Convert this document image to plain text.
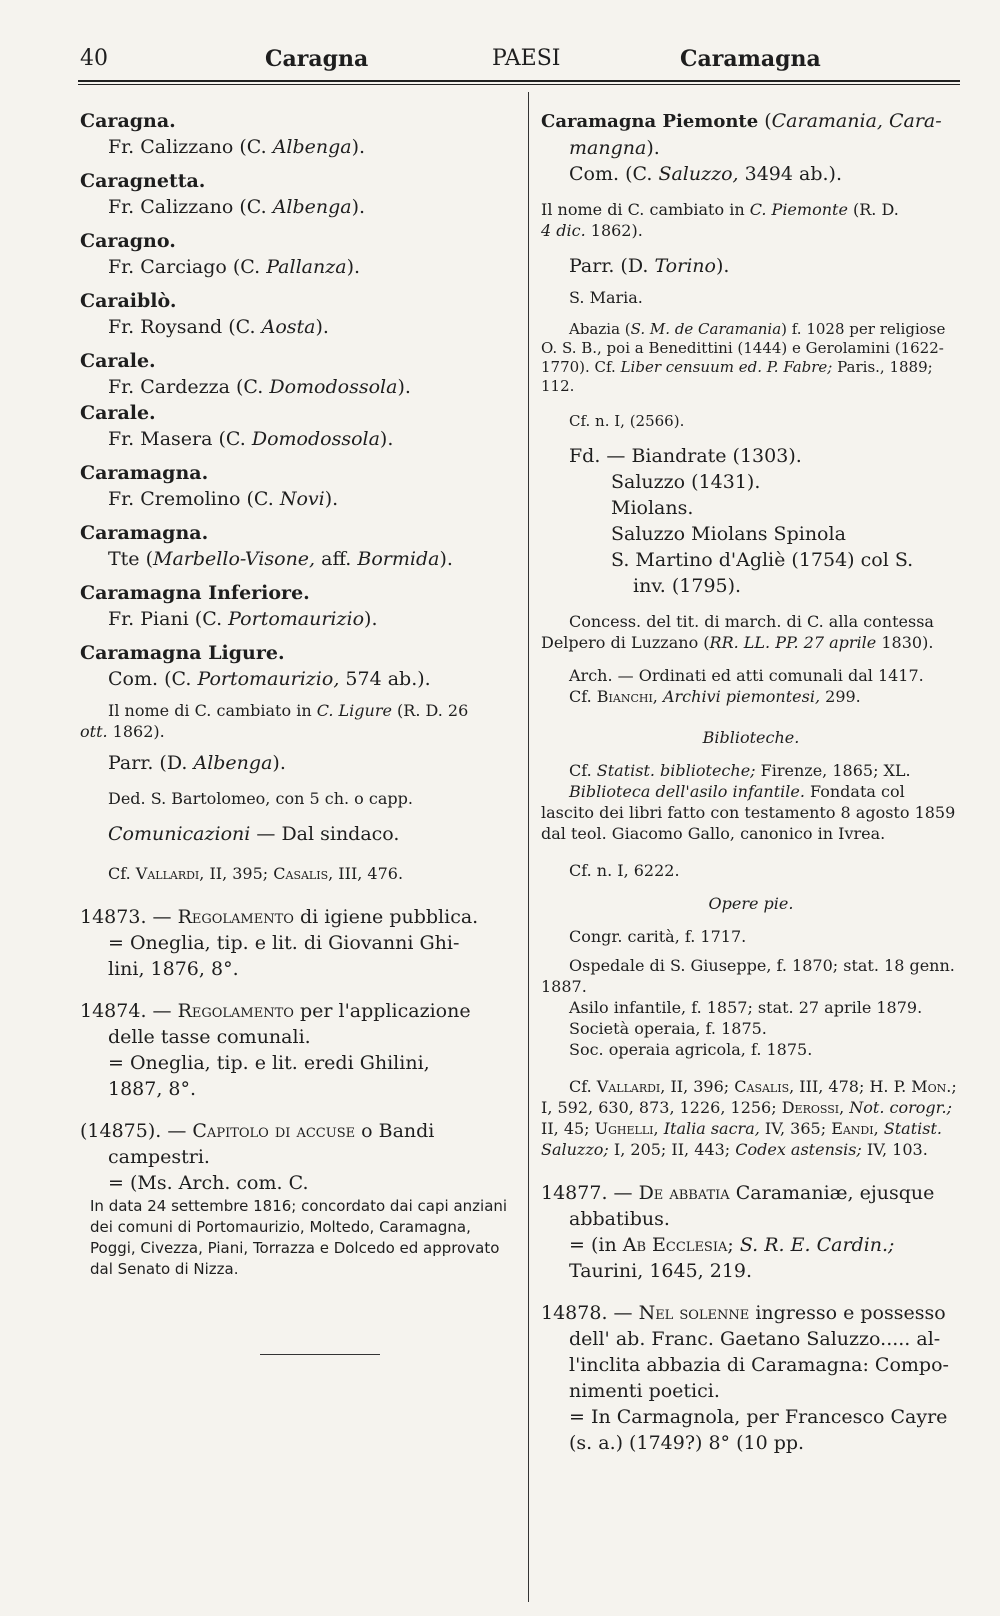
40	Caragna	PAESI	Caramagna

Caragna.

Fr. Calizzano (C. Albenga).

Caragnetta.

Fr. Calizzano (C. Albenga).

Caragno.

Fr. Carciago (C. Pallanza).

Caraiblò.

Fr. Roysand (C. Aosta).

Carale.

Fr. Cardezza (C. Domodossola).

Carale.

Fr. Masera (C. Domodossola).

Caramagna.

Fr. Cremolino (C. Novi).

Caramagna.

Tte (Marbello-Visone, aff. Bormida).

Caramagna Inferiore.

Fr. Piani (C. Portomaurizio).

Caramagna Ligure.

Com. (C. Portomaurizio, 574 ab.).

Il nome di C. cambiato in C. Ligure (R. D. 26

ott. 1862).

Parr. (D. Albenga).

Ded. S. Bartolomeo, con 5 ch. o capp.

Comunicazioni — Dal sindaco.

Cf. Vallardi, II, 395; Casalis, III, 476.

14873. — Regolamento di igiene pubblica.

= Oneglia, tip. e lit. di Giovanni Ghi-

lini, 1876, 8°.

14874. — Regolamento per l'applicazione

delle tasse comunali.

= Oneglia, tip. e lit. eredi Ghilini,

1887, 8°.

(14875). — Capitolo di accuse o Bandi

campestri.

= (Ms. Arch. com. C.

In data 24 settembre 1816; concordato dai capi anziani dei comuni di Portomaurizio, Moltedo, Caramagna, Poggi, Civezza, Piani, Torrazza e Dolcedo ed approvato dal Senato di Nizza.

Caramagna Piemonte (Caramania, Cara-

mangna).

Com. (C. Saluzzo, 3494 ab.).

Il nome di C. cambiato in C. Piemonte (R. D.

4 dic. 1862).

Parr. (D. Torino).

S. Maria.

Abazia (S. M. de Caramania) f. 1028 per religiose O. S. B., poi a Benedittini (1444) e Gerolamini (1622-1770). Cf. Liber censuum ed. P. Fabre; Paris., 1889; 112.

Cf. n. I, (2566).

Fd. — Biandrate (1303).

Saluzzo (1431).

Miolans.

Saluzzo Miolans Spinola

S. Martino d'Agliè (1754) col S.

inv. (1795).

Concess. del tit. di march. di C. alla contessa Delpero di Luzzano (RR. LL. PP. 27 aprile 1830).

Arch. — Ordinati ed atti comunali dal 1417.

Cf. Bianchi, Archivi piemontesi, 299.

Biblioteche.

Cf. Statist. biblioteche; Firenze, 1865; XL.

Biblioteca dell'asilo infantile. Fondata col lascito dei libri fatto con testamento 8 agosto 1859 dal teol. Giacomo Gallo, canonico in Ivrea.

Cf. n. I, 6222.

Opere pie.

Congr. carità, f. 1717.

Ospedale di S. Giuseppe, f. 1870; stat. 18 genn.

1887.

Asilo infantile, f. 1857; stat. 27 aprile 1879.

Società operaia, f. 1875.

Soc. operaia agricola, f. 1875.

Cf. Vallardi, II, 396; Casalis, III, 478; H. P. Mon.; I, 592, 630, 873, 1226, 1256; Derossi, Not. corogr.; II, 45; Ughelli, Italia sacra, IV, 365; Eandi, Statist. Saluzzo; I, 205; II, 443; Codex astensis; IV, 103.

14877. — De abbatia Caramaniæ, ejusque

abbatibus.

= (in Ab Ecclesia; S. R. E. Cardin.;

Taurini, 1645, 219.

14878. — Nel solenne ingresso e possesso

dell' ab. Franc. Gaetano Saluzzo..... al-

l'inclita abbazia di Caramagna: Compo-

nimenti poetici.

= In Carmagnola, per Francesco Cayre

(s. a.) (1749?) 8° (10 pp.
